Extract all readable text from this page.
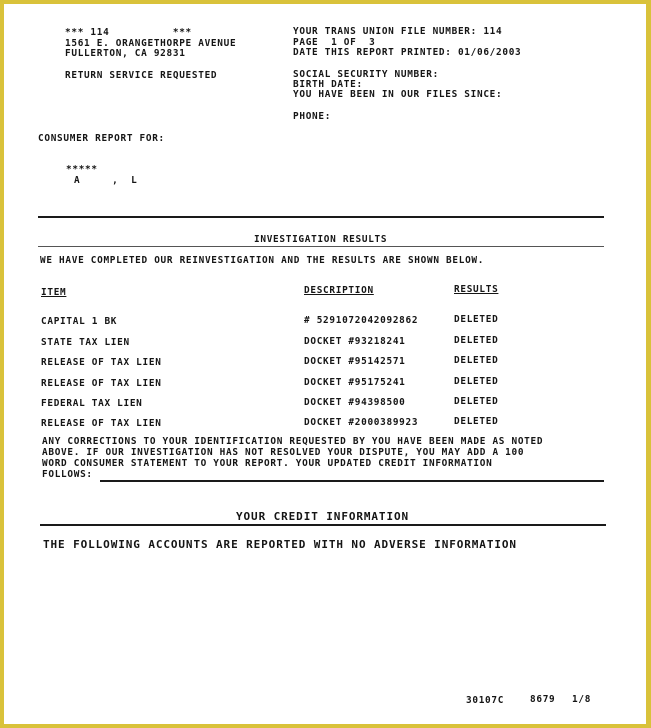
*** 114          ***
1561 E. ORANGETHORPE AVENUE
FULLERTON, CA 92831
RETURN SERVICE REQUESTED
YOUR TRANS UNION FILE NUMBER: 114
PAGE  1 OF  3
DATE THIS REPORT PRINTED: 01/06/2003
SOCIAL SECURITY NUMBER:
BIRTH DATE:
YOU HAVE BEEN IN OUR FILES SINCE:
PHONE:
CONSUMER REPORT FOR:
*****
A     ,  L
INVESTIGATION RESULTS
WE HAVE COMPLETED OUR REINVESTIGATION AND THE RESULTS ARE SHOWN BELOW.
ITEM	DESCRIPTION	RESULTS
CAPITAL 1 BK	# 5291072042092862	DELETED
STATE TAX LIEN	DOCKET #93218241	DELETED
RELEASE OF TAX LIEN	DOCKET #95142571	DELETED
RELEASE OF TAX LIEN	DOCKET #95175241	DELETED
FEDERAL TAX LIEN	DOCKET #94398500	DELETED
RELEASE OF TAX LIEN	DOCKET #2000389923	DELETED
ANY CORRECTIONS TO YOUR IDENTIFICATION REQUESTED BY YOU HAVE BEEN MADE AS NOTED
ABOVE. IF OUR INVESTIGATION HAS NOT RESOLVED YOUR DISPUTE, YOU MAY ADD A 100
WORD CONSUMER STATEMENT TO YOUR REPORT. YOUR UPDATED CREDIT INFORMATION
FOLLOWS:
YOUR CREDIT INFORMATION
THE FOLLOWING ACCOUNTS ARE REPORTED WITH NO ADVERSE INFORMATION
30107C	8679 1/8
